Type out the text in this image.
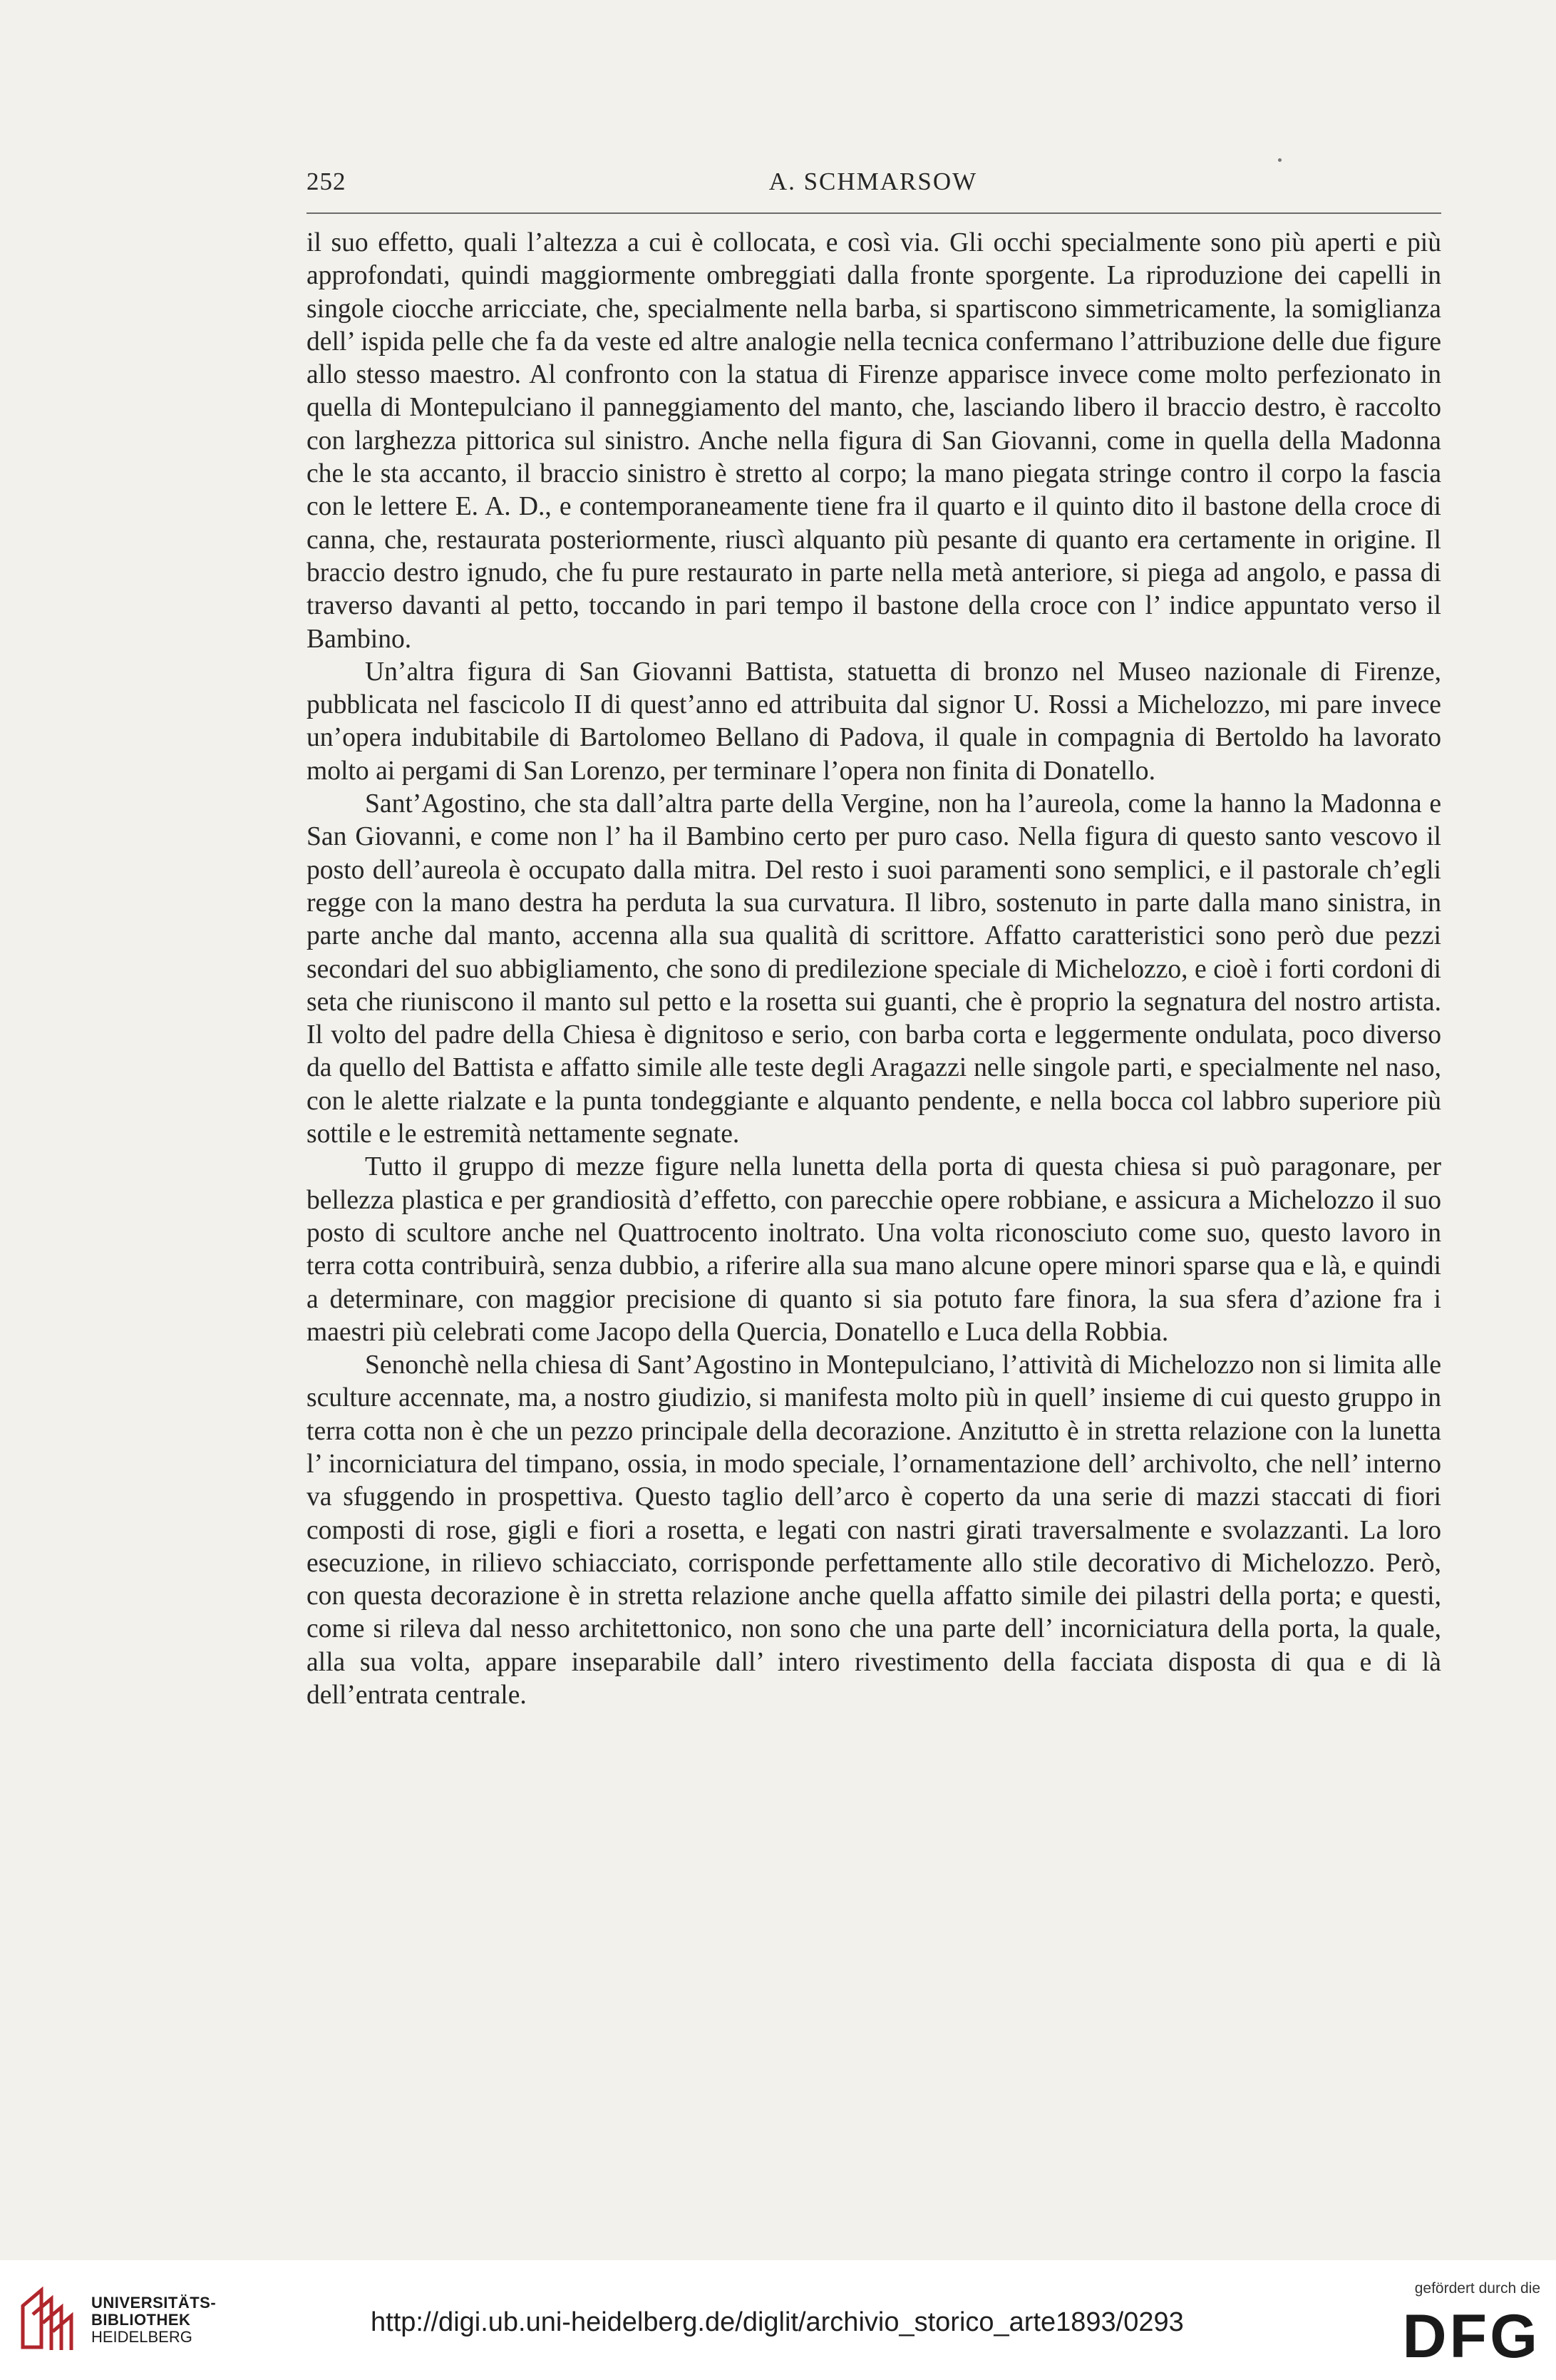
252	A. SCHMARSOW

il suo effetto, quali l’altezza a cui è collocata, e così via. Gli occhi specialmente sono più aperti e più approfondati, quindi maggiormente ombreggiati dalla fronte sporgente. La riproduzione dei capelli in singole ciocche arricciate, che, specialmente nella barba, si spartiscono simmetricamente, la somiglianza dell’ ispida pelle che fa da veste ed altre analogie nella tecnica confermano l’attribuzione delle due figure allo stesso maestro. Al confronto con la statua di Firenze apparisce invece come molto perfezionato in quella di Montepulciano il panneggiamento del manto, che, lasciando libero il braccio destro, è raccolto con larghezza pittorica sul sinistro. Anche nella figura di San Giovanni, come in quella della Madonna che le sta accanto, il braccio sinistro è stretto al corpo; la mano piegata stringe contro il corpo la fascia con le lettere E. A. D., e contemporaneamente tiene fra il quarto e il quinto dito il bastone della croce di canna, che, restaurata posteriormente, riuscì alquanto più pesante di quanto era certamente in origine. Il braccio destro ignudo, che fu pure restaurato in parte nella metà anteriore, si piega ad angolo, e passa di traverso davanti al petto, toccando in pari tempo il bastone della croce con l’ indice appuntato verso il Bambino.

Un’altra figura di San Giovanni Battista, statuetta di bronzo nel Museo nazionale di Firenze, pubblicata nel fascicolo II di quest’anno ed attribuita dal signor U. Rossi a Michelozzo, mi pare invece un’opera indubitabile di Bartolomeo Bellano di Padova, il quale in compagnia di Bertoldo ha lavorato molto ai pergami di San Lorenzo, per terminare l’opera non finita di Donatello.

Sant’Agostino, che sta dall’altra parte della Vergine, non ha l’aureola, come la hanno la Madonna e San Giovanni, e come non l’ ha il Bambino certo per puro caso. Nella figura di questo santo vescovo il posto dell’aureola è occupato dalla mitra. Del resto i suoi paramenti sono semplici, e il pastorale ch’egli regge con la mano destra ha perduta la sua curvatura. Il libro, sostenuto in parte dalla mano sinistra, in parte anche dal manto, accenna alla sua qualità di scrittore. Affatto caratteristici sono però due pezzi secondari del suo abbigliamento, che sono di predilezione speciale di Michelozzo, e cioè i forti cordoni di seta che riuniscono il manto sul petto e la rosetta sui guanti, che è proprio la segnatura del nostro artista. Il volto del padre della Chiesa è dignitoso e serio, con barba corta e leggermente ondulata, poco diverso da quello del Battista e affatto simile alle teste degli Aragazzi nelle singole parti, e specialmente nel naso, con le alette rialzate e la punta tondeggiante e alquanto pendente, e nella bocca col labbro superiore più sottile e le estremità nettamente segnate.

Tutto il gruppo di mezze figure nella lunetta della porta di questa chiesa si può paragonare, per bellezza plastica e per grandiosità d’effetto, con parecchie opere robbiane, e assicura a Michelozzo il suo posto di scultore anche nel Quattrocento inoltrato. Una volta riconosciuto come suo, questo lavoro in terra cotta contribuirà, senza dubbio, a riferire alla sua mano alcune opere minori sparse qua e là, e quindi a determinare, con maggior precisione di quanto si sia potuto fare finora, la sua sfera d’azione fra i maestri più celebrati come Jacopo della Quercia, Donatello e Luca della Robbia.

Senonchè nella chiesa di Sant’Agostino in Montepulciano, l’attività di Michelozzo non si limita alle sculture accennate, ma, a nostro giudizio, si manifesta molto più in quell’ insieme di cui questo gruppo in terra cotta non è che un pezzo principale della decorazione. Anzitutto è in stretta relazione con la lunetta l’ incorniciatura del timpano, ossia, in modo speciale, l’ornamentazione dell’ archivolto, che nell’ interno va sfuggendo in prospettiva. Questo taglio dell’arco è coperto da una serie di mazzi staccati di fiori composti di rose, gigli e fiori a rosetta, e legati con nastri girati traversalmente e svolazzanti. La loro esecuzione, in rilievo schiacciato, corrisponde perfettamente allo stile decorativo di Michelozzo. Però, con questa decorazione è in stretta relazione anche quella affatto simile dei pilastri della porta; e questi, come si rileva dal nesso architettonico, non sono che una parte dell’ incorniciatura della porta, la quale, alla sua volta, appare inseparabile dall’ intero rivestimento della facciata disposta di qua e di là dell’entrata centrale.

UNIVERSITÄTS-
BIBLIOTHEK
HEIDELBERG	http://digi.ub.uni-heidelberg.de/diglit/archivio_storico_arte1893/0293
gefördert durch die
DFG
